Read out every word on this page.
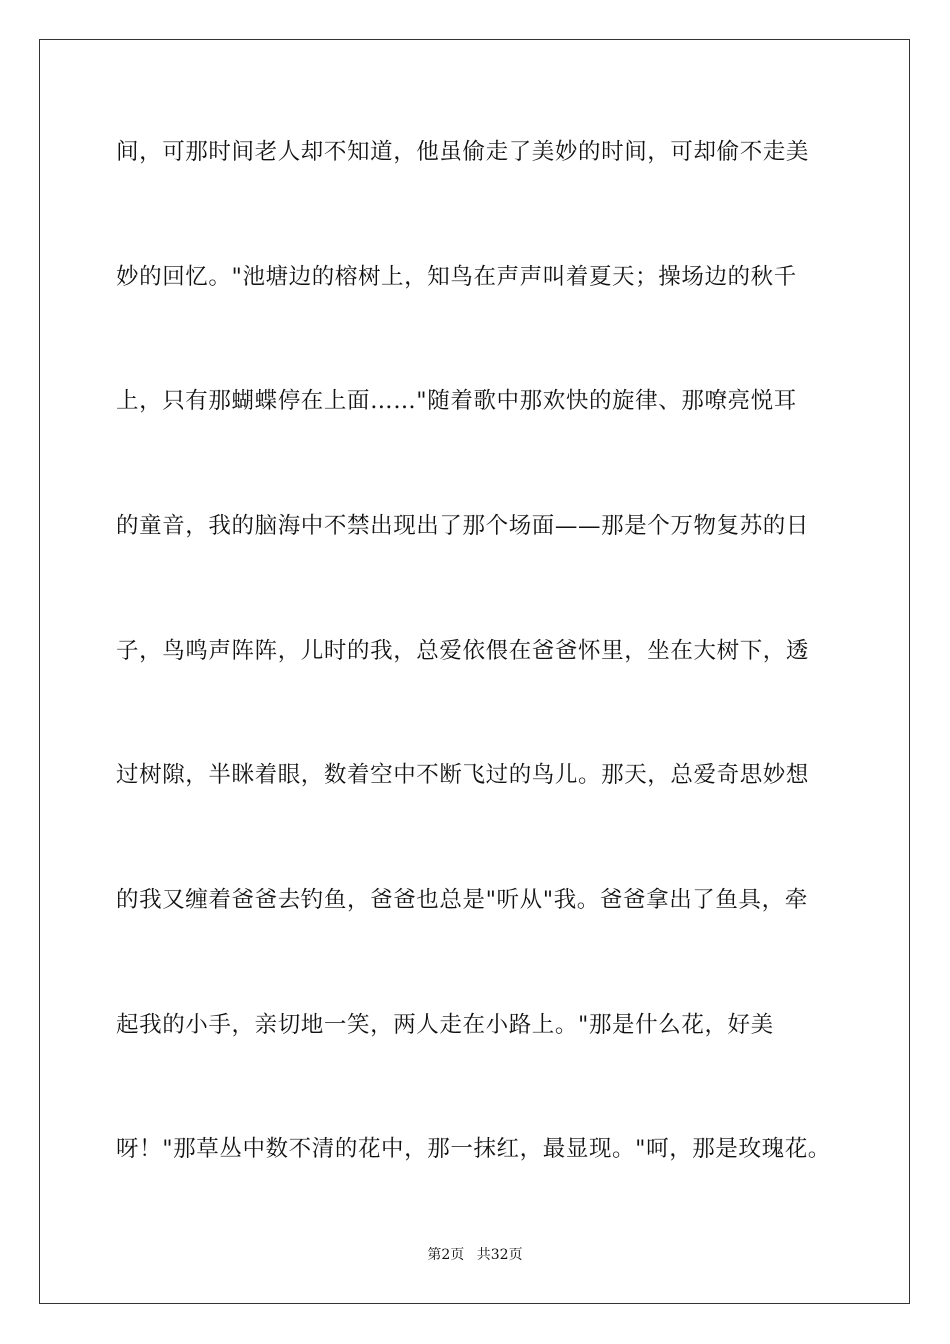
间，可那时间老人却不知道，他虽偷走了美妙的时间，可却偷不走美
妙的回忆。"池塘边的榕树上，知鸟在声声叫着夏天；操场边的秋千
上，只有那蝴蝶停在上面……"随着歌中那欢快的旋律、那嘹亮悦耳
的童音，我的脑海中不禁出现出了那个场面——那是个万物复苏的日
子，鸟鸣声阵阵，儿时的我，总爱依偎在爸爸怀里，坐在大树下，透
过树隙，半眯着眼，数着空中不断飞过的鸟儿。那天，总爱奇思妙想
的我又缠着爸爸去钓鱼，爸爸也总是"听从"我。爸爸拿出了鱼具，牵
起我的小手，亲切地一笑，两人走在小路上。"那是什么花，好美
呀！"那草丛中数不清的花中，那一抹红，最显现。"呵，那是玫瑰花。
第2页 共32页
